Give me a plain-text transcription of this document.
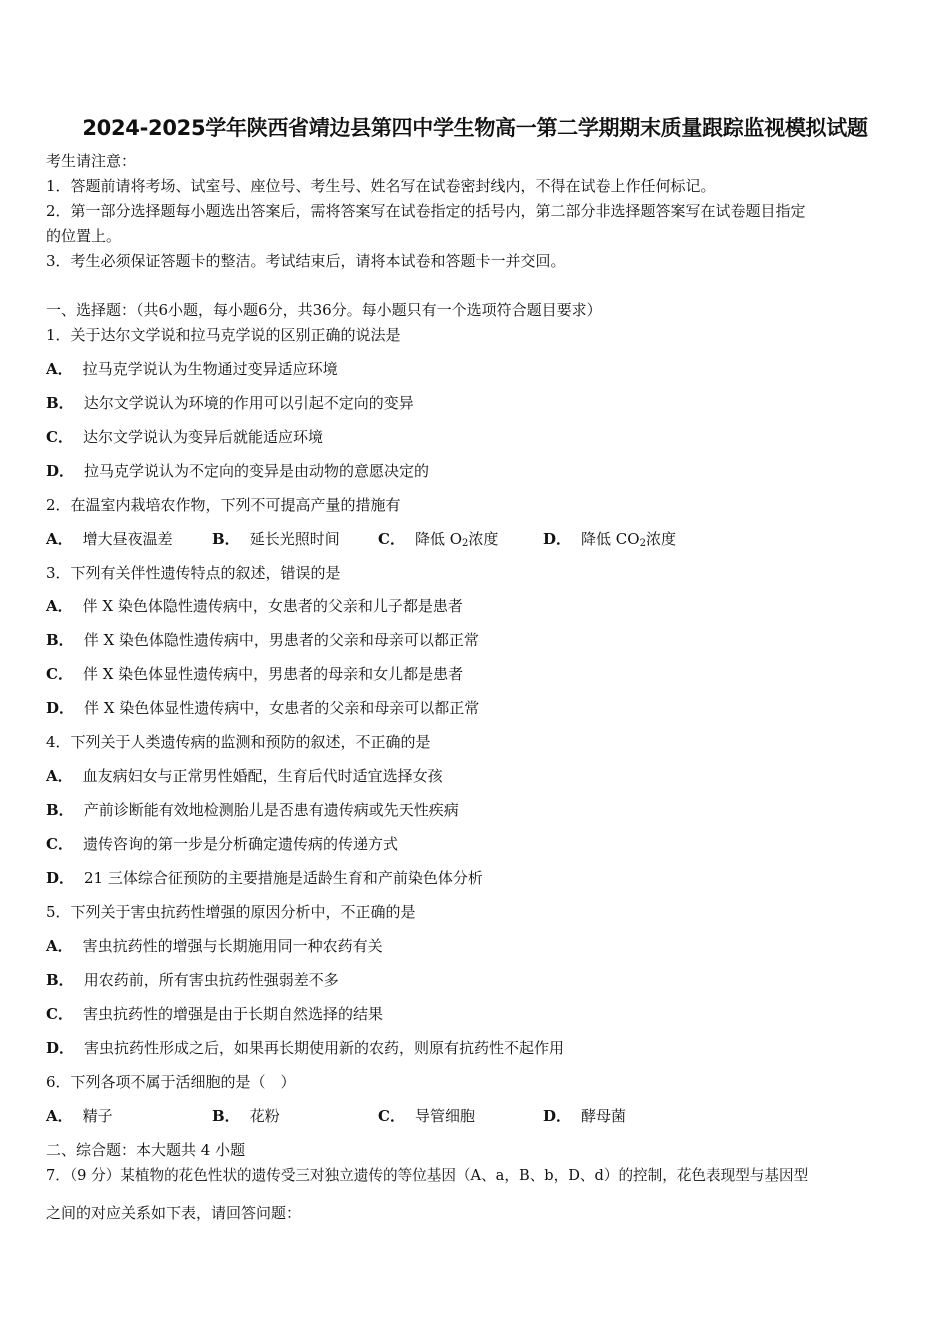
2024-2025学年陕西省靖边县第四中学生物高一第二学期期末质量跟踪监视模拟试题
考生请注意：
1．答题前请将考场、试室号、座位号、考生号、姓名写在试卷密封线内，不得在试卷上作任何标记。
2．第一部分选择题每小题选出答案后，需将答案写在试卷指定的括号内，第二部分非选择题答案写在试卷题目指定
的位置上。
3．考生必须保证答题卡的整洁。考试结束后，请将本试卷和答题卡一并交回。
一、选择题：（共6小题，每小题6分，共36分。每小题只有一个选项符合题目要求）
1．关于达尔文学说和拉马克学说的区别正确的说法是
A． 拉马克学说认为生物通过变异适应环境
B． 达尔文学说认为环境的作用可以引起不定向的变异
C． 达尔文学说认为变异后就能适应环境
D． 拉马克学说认为不定向的变异是由动物的意愿决定的
2．在温室内栽培农作物，下列不可提高产量的措施有
A． 增大昼夜温差	B． 延长光照时间	C． 降低 $O_2$浓度	D． 降低 $CO_2$浓度
3．下列有关伴性遗传特点的叙述，错误的是
A． 伴 X 染色体隐性遗传病中，女患者的父亲和儿子都是患者
B． 伴 X 染色体隐性遗传病中，男患者的父亲和母亲可以都正常
C． 伴 X 染色体显性遗传病中，男患者的母亲和女儿都是患者
D． 伴 X 染色体显性遗传病中，女患者的父亲和母亲可以都正常
4．下列关于人类遗传病的监测和预防的叙述，不正确的是
A． 血友病妇女与正常男性婚配，生育后代时适宜选择女孩
B． 产前诊断能有效地检测胎儿是否患有遗传病或先天性疾病
C． 遗传咨询的第一步是分析确定遗传病的传递方式
D． 21 三体综合征预防的主要措施是适龄生育和产前染色体分析
5．下列关于害虫抗药性增强的原因分析中，不正确的是
A． 害虫抗药性的增强与长期施用同一种农药有关
B． 用农药前，所有害虫抗药性强弱差不多
C． 害虫抗药性的增强是由于长期自然选择的结果
D． 害虫抗药性形成之后，如果再长期使用新的农药，则原有抗药性不起作用
6．下列各项不属于活细胞的是（　）
A． 精子	B． 花粉	C． 导管细胞	D． 酵母菌
二、综合题：本大题共 4 小题
7．（9 分）某植物的花色性状的遗传受三对独立遗传的等位基因（A、a，B、b，D、d）的控制，花色表现型与基因型
之间的对应关系如下表，请回答问题：
